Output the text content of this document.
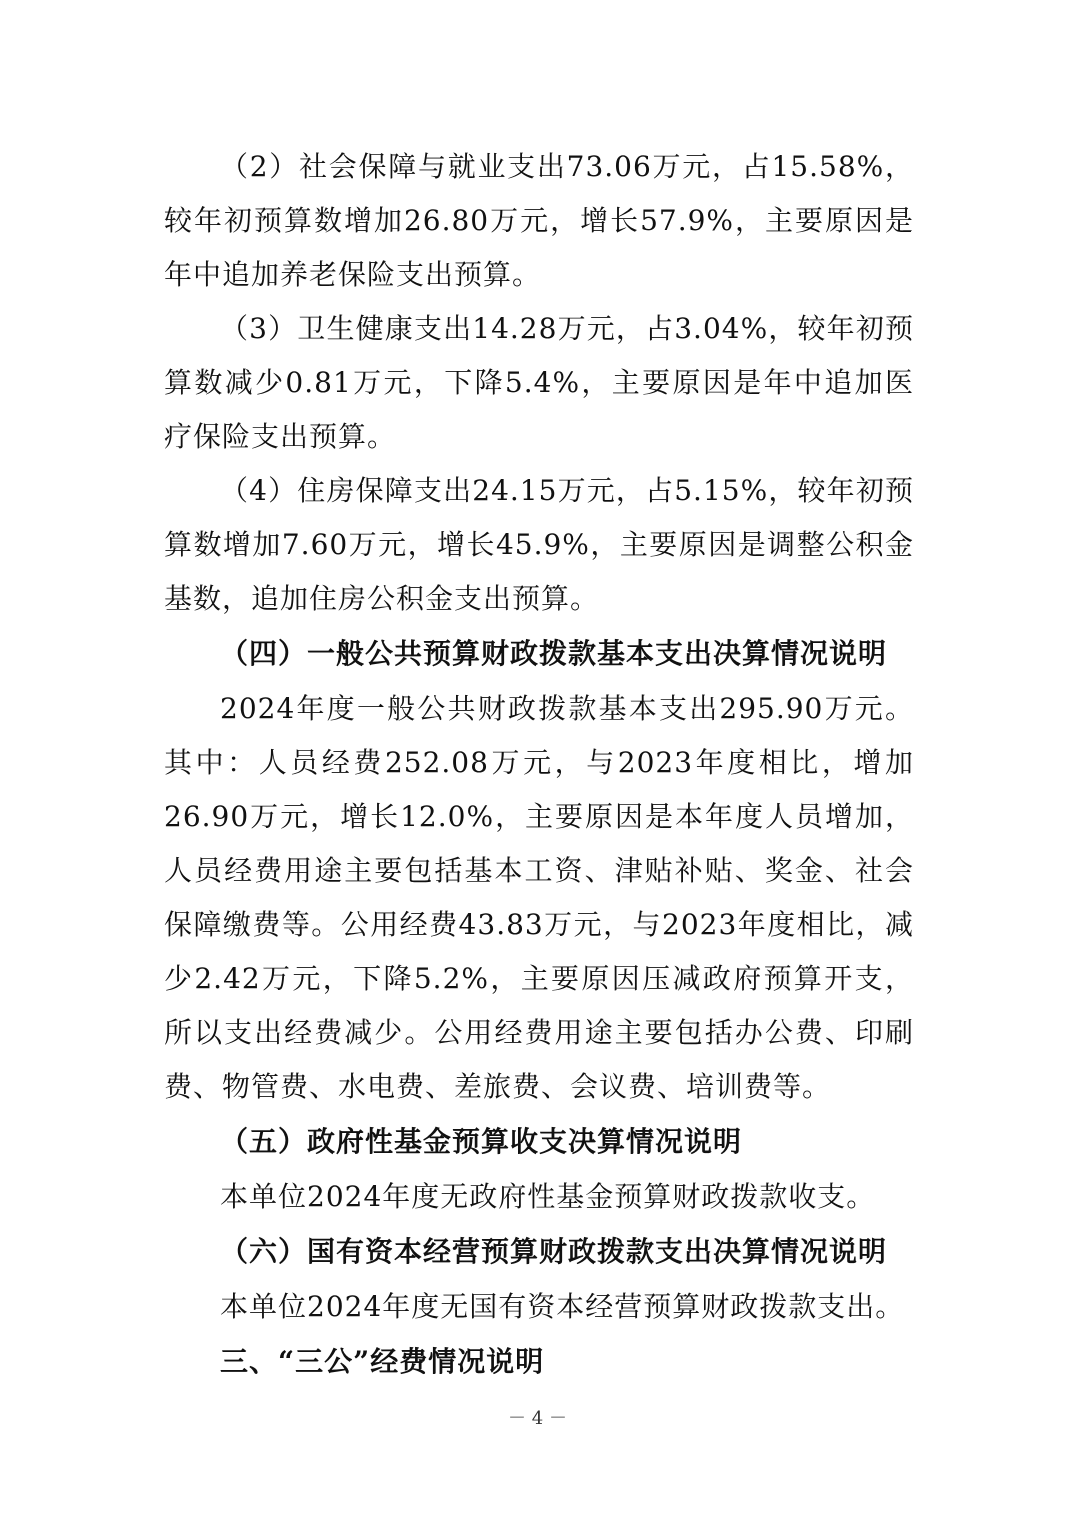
（2）社会保障与就业支出73.06万元，占15.58%，较年初预算数增加26.80万元，增长57.9%，主要原因是年中追加养老保险支出预算。

（3）卫生健康支出14.28万元，占3.04%，较年初预算数减少0.81万元，下降5.4%，主要原因是年中追加医疗保险支出预算。

（4）住房保障支出24.15万元，占5.15%，较年初预算数增加7.60万元，增长45.9%，主要原因是调整公积金基数，追加住房公积金支出预算。

（四）一般公共预算财政拨款基本支出决算情况说明

2024年度一般公共财政拨款基本支出295.90万元。其中：人员经费252.08万元，与2023年度相比，增加26.90万元，增长12.0%，主要原因是本年度人员增加，人员经费用途主要包括基本工资、津贴补贴、奖金、社会保障缴费等。公用经费43.83万元，与2023年度相比，减少2.42万元，下降5.2%，主要原因压减政府预算开支，所以支出经费减少。公用经费用途主要包括办公费、印刷费、物管费、水电费、差旅费、会议费、培训费等。

（五）政府性基金预算收支决算情况说明

本单位2024年度无政府性基金预算财政拨款收支。

（六）国有资本经营预算财政拨款支出决算情况说明

本单位2024年度无国有资本经营预算财政拨款支出。

三、“三公”经费情况说明

－ 4 －
